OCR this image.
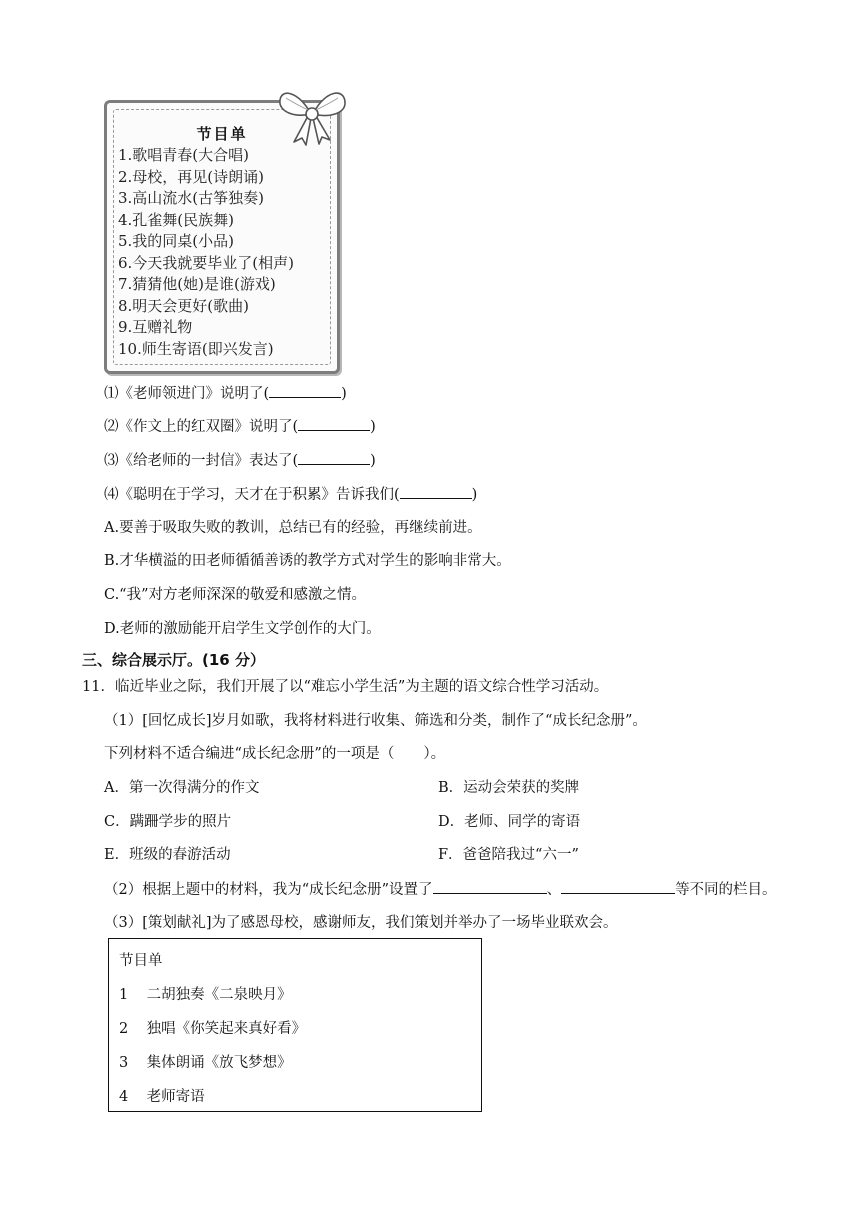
节目单
1.歌唱青春(大合唱)
2.母校，再见(诗朗诵)
3.高山流水(古筝独奏)
4.孔雀舞(民族舞)
5.我的同桌(小品)
6.今天我就要毕业了(相声)
7.猜猜他(她)是谁(游戏)
8.明天会更好(歌曲)
9.互赠礼物
10.师生寄语(即兴发言)
⑴《老师领进门》说明了(	)
⑵《作文上的红双圈》说明了(	)
⑶《给老师的一封信》表达了(	)
⑷《聪明在于学习，天才在于积累》告诉我们(	)
A.要善于吸取失败的教训，总结已有的经验，再继续前进。
B.才华横溢的田老师循循善诱的教学方式对学生的影响非常大。
C.“我”对方老师深深的敬爱和感激之情。
D.老师的激励能开启学生文学创作的大门。
三、综合展示厅。(16 分）
11．临近毕业之际，我们开展了以“难忘小学生活”为主题的语文综合性学习活动。
（1）[回忆成长]岁月如歌，我将材料进行收集、筛选和分类，制作了“成长纪念册”。
下列材料不适合编进“成长纪念册”的一项是（　　）。
A．第一次得满分的作文	B．运动会荣获的奖牌
C．蹒跚学步的照片	D．老师、同学的寄语
E．班级的春游活动	F．爸爸陪我过“六一”
（2）根据上题中的材料，我为“成长纪念册”设置了	、	等不同的栏目。
（3）[策划献礼]为了感恩母校，感谢师友，我们策划并举办了一场毕业联欢会。
节目单
1 二胡独奏《二泉映月》
2 独唱《你笑起来真好看》
3 集体朗诵《放飞梦想》
4 老师寄语
